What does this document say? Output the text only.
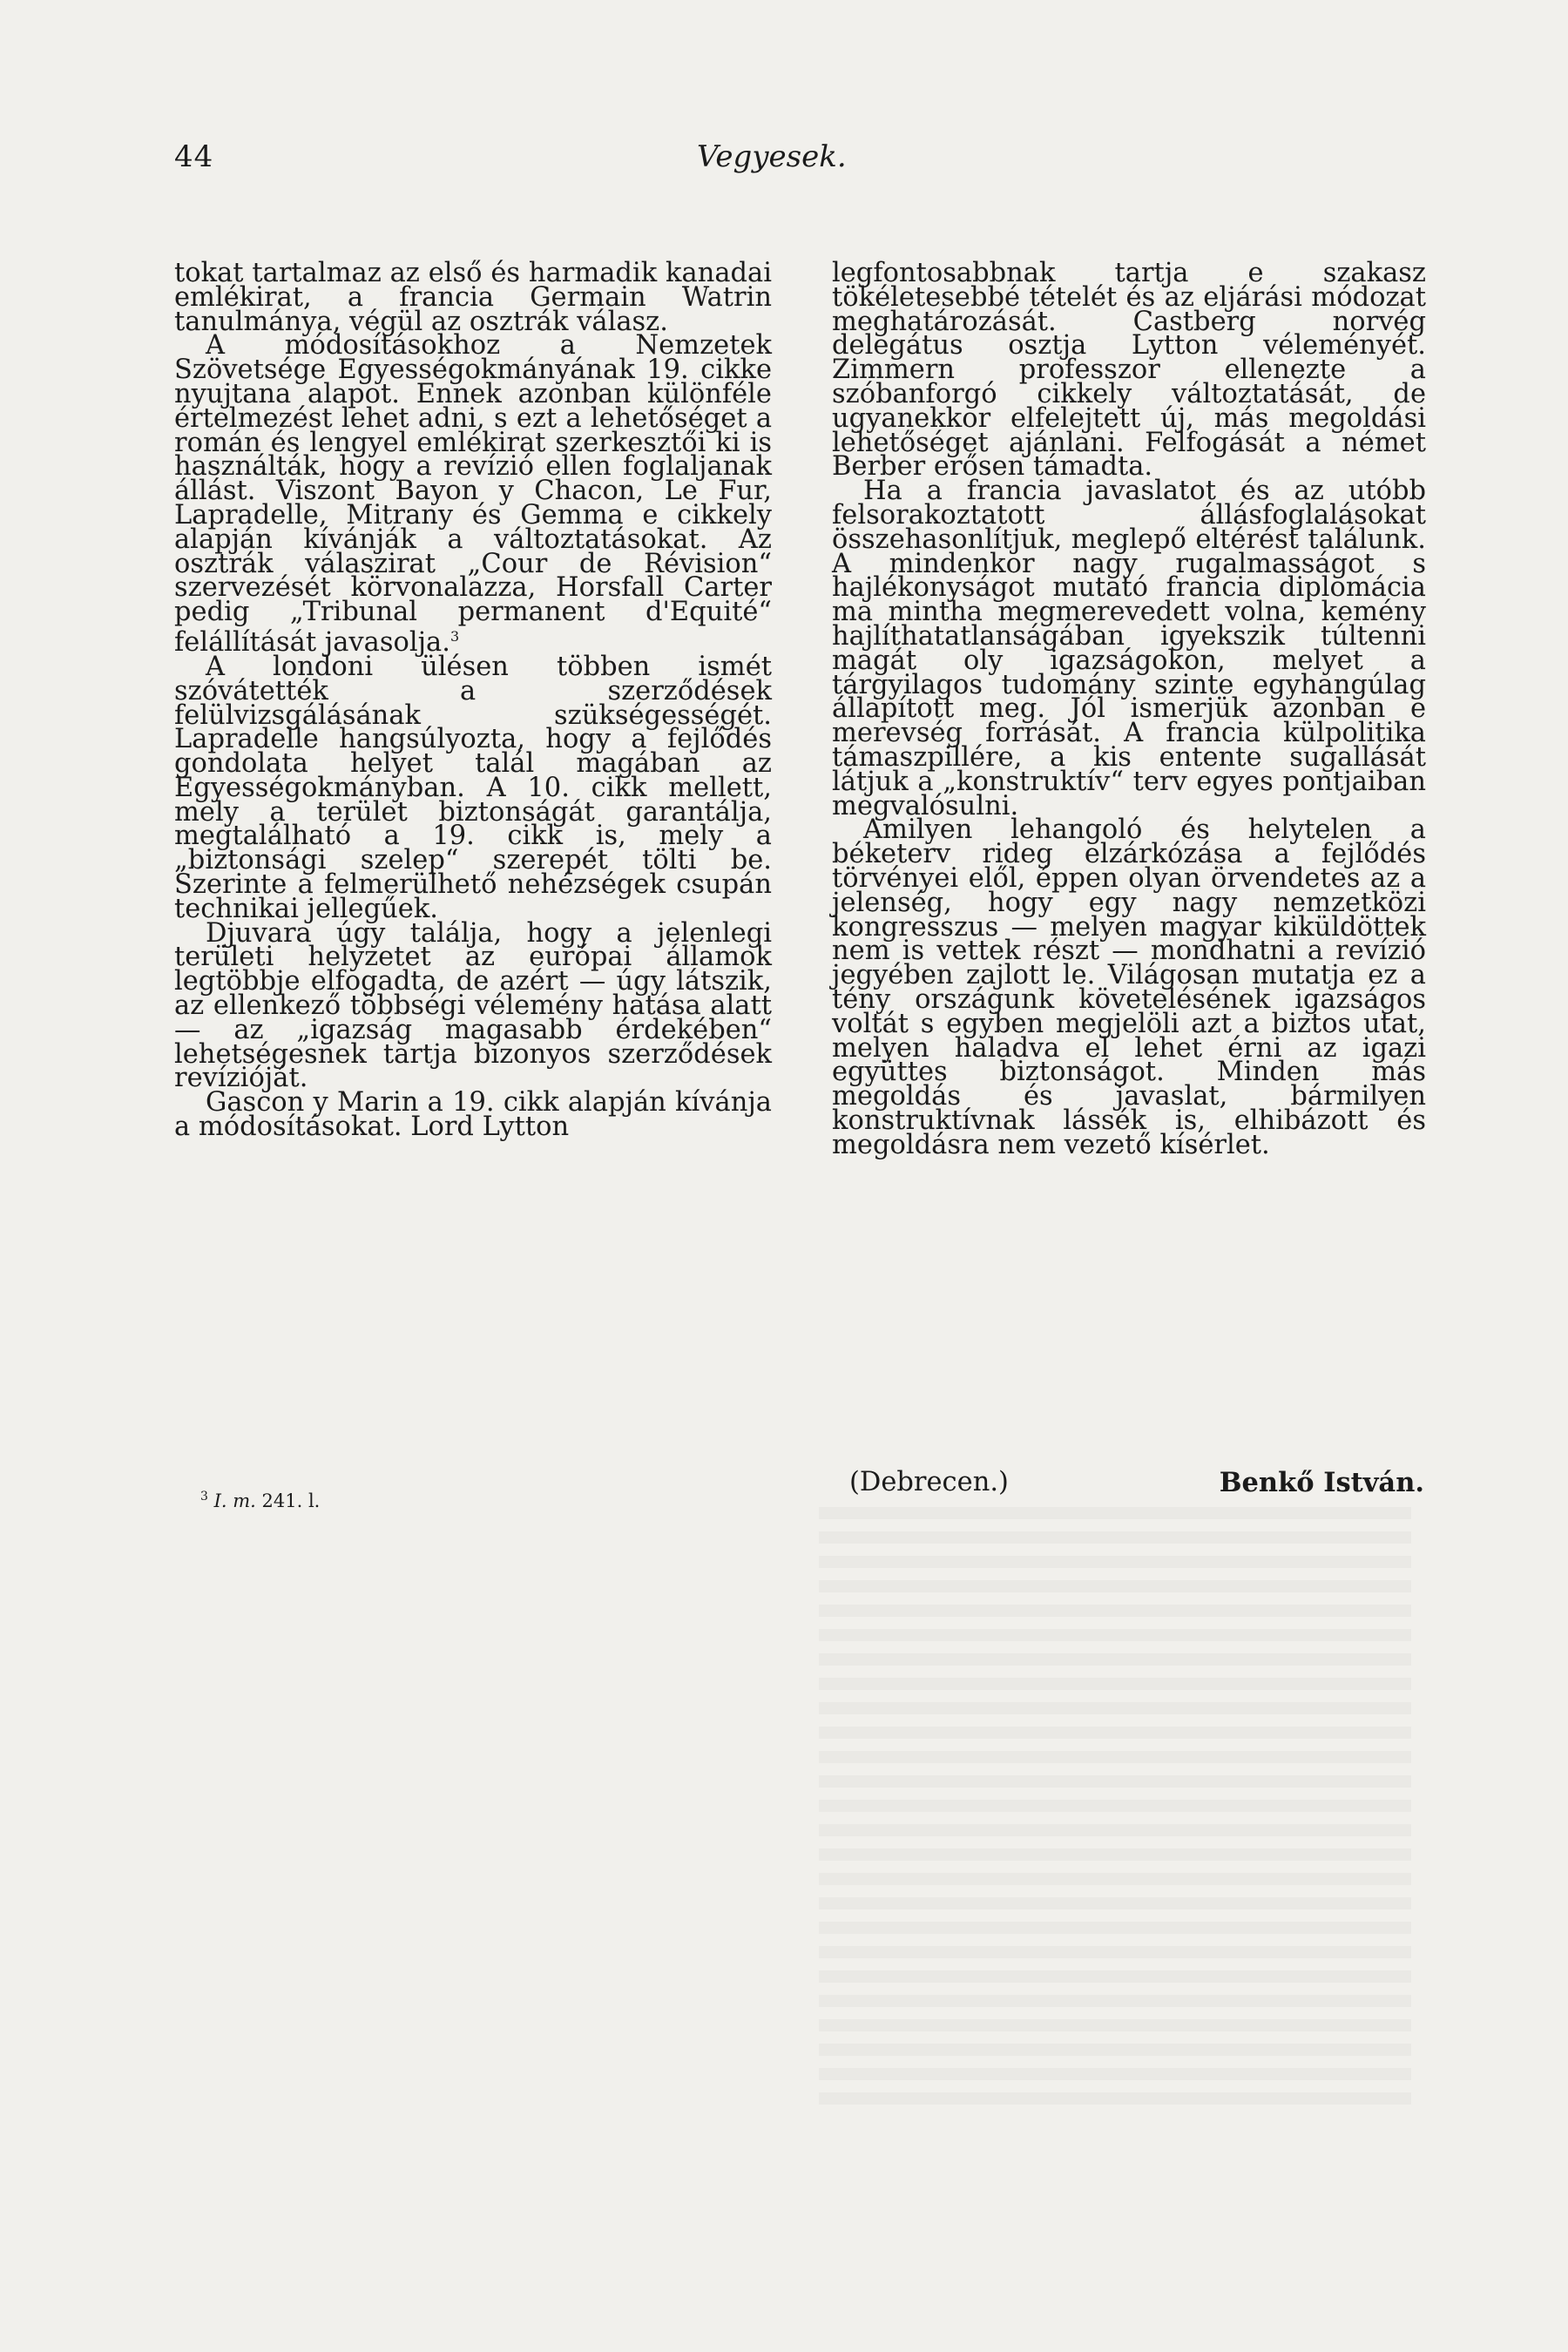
44	Vegyesek.

tokat tartalmaz az első és harmadik kanadai emlékirat, a francia Germain Watrin tanulmánya, végül az osztrák válasz.

A módosításokhoz a Nemzetek Szövetsége Egyességokmányának 19. cikke nyujtana alapot. Ennek azonban különféle értelmezést lehet adni, s ezt a lehetőséget a román és lengyel emlékirat szerkesztői ki is használták, hogy a revízió ellen foglaljanak állást. Viszont Bayon y Chacon, Le Fur, Lapradelle, Mitrany és Gemma e cikkely alapján kívánják a változtatásokat. Az osztrák válaszirat „Cour de Révision“ szervezését körvonalazza, Horsfall Carter pedig „Tribunal permanent d'Equité“ felállítását javasolja.$^3$

A londoni ülésen többen ismét szóvátették a szerződések felülvizsgálásának szükségességét. Lapradelle hangsúlyozta, hogy a fejlődés gondolata helyet talál magában az Egyességokmányban. A 10. cikk mellett, mely a terület biztonságát garantálja, megtalálható a 19. cikk is, mely a „biztonsági szelep“ szerepét tölti be. Szerinte a felmerülhető nehézségek csupán technikai jellegűek.

Djuvara úgy találja, hogy a jelenlegi területi helyzetet az európai államok legtöbbje elfogadta, de azért — úgy látszik, az ellenkező többségi vélemény hatása alatt — az „igazság magasabb érdekében“ lehetségesnek tartja bizonyos szerződések revízióját.

Gascon y Marin a 19. cikk alapján kívánja a módosításokat. Lord Lytton

$^3$ I. m. 241. l.

legfontosabbnak tartja e szakasz tökéletesebbé tételét és az eljárási módozat meghatározását. Castberg norvég delegátus osztja Lytton véleményét. Zimmern professzor ellenezte a szóbanforgó cikkely változtatását, de ugyanekkor elfelejtett új, más megoldási lehetőséget ajánlani. Felfogását a német Berber erősen támadta.

Ha a francia javaslatot és az utóbb felsorakoztatott állásfoglalásokat összehasonlítjuk, meglepő eltérést találunk. A mindenkor nagy rugalmasságot s hajlékonyságot mutató francia diplomácia ma mintha megmerevedett volna, kemény hajlíthatatlanságában igyekszik túltenni magát oly igazságokon, melyet a tárgyilagos tudomány szinte egyhangúlag állapított meg. Jól ismerjük azonban e merevség forrását. A francia külpolitika támaszpillére, a kis entente sugallását látjuk a „konstruktív“ terv egyes pontjaiban megvalósulni.

Amilyen lehangoló és helytelen a béketerv rideg elzárkózása a fejlődés törvényei elől, éppen olyan örvendetes az a jelenség, hogy egy nagy nemzetközi kongresszus — melyen magyar kiküldöttek nem is vettek részt — mondhatni a revízió jegyében zajlott le. Világosan mutatja ez a tény országunk követelésének igazságos voltát s egyben megjelöli azt a biztos utat, melyen haladva el lehet érni az igazi együttes biztonságot. Minden más megoldás és javaslat, bármilyen konstruktívnak lássék is, elhibázott és megoldásra nem vezető kísérlet.

(Debrecen.)	Benkő István.
